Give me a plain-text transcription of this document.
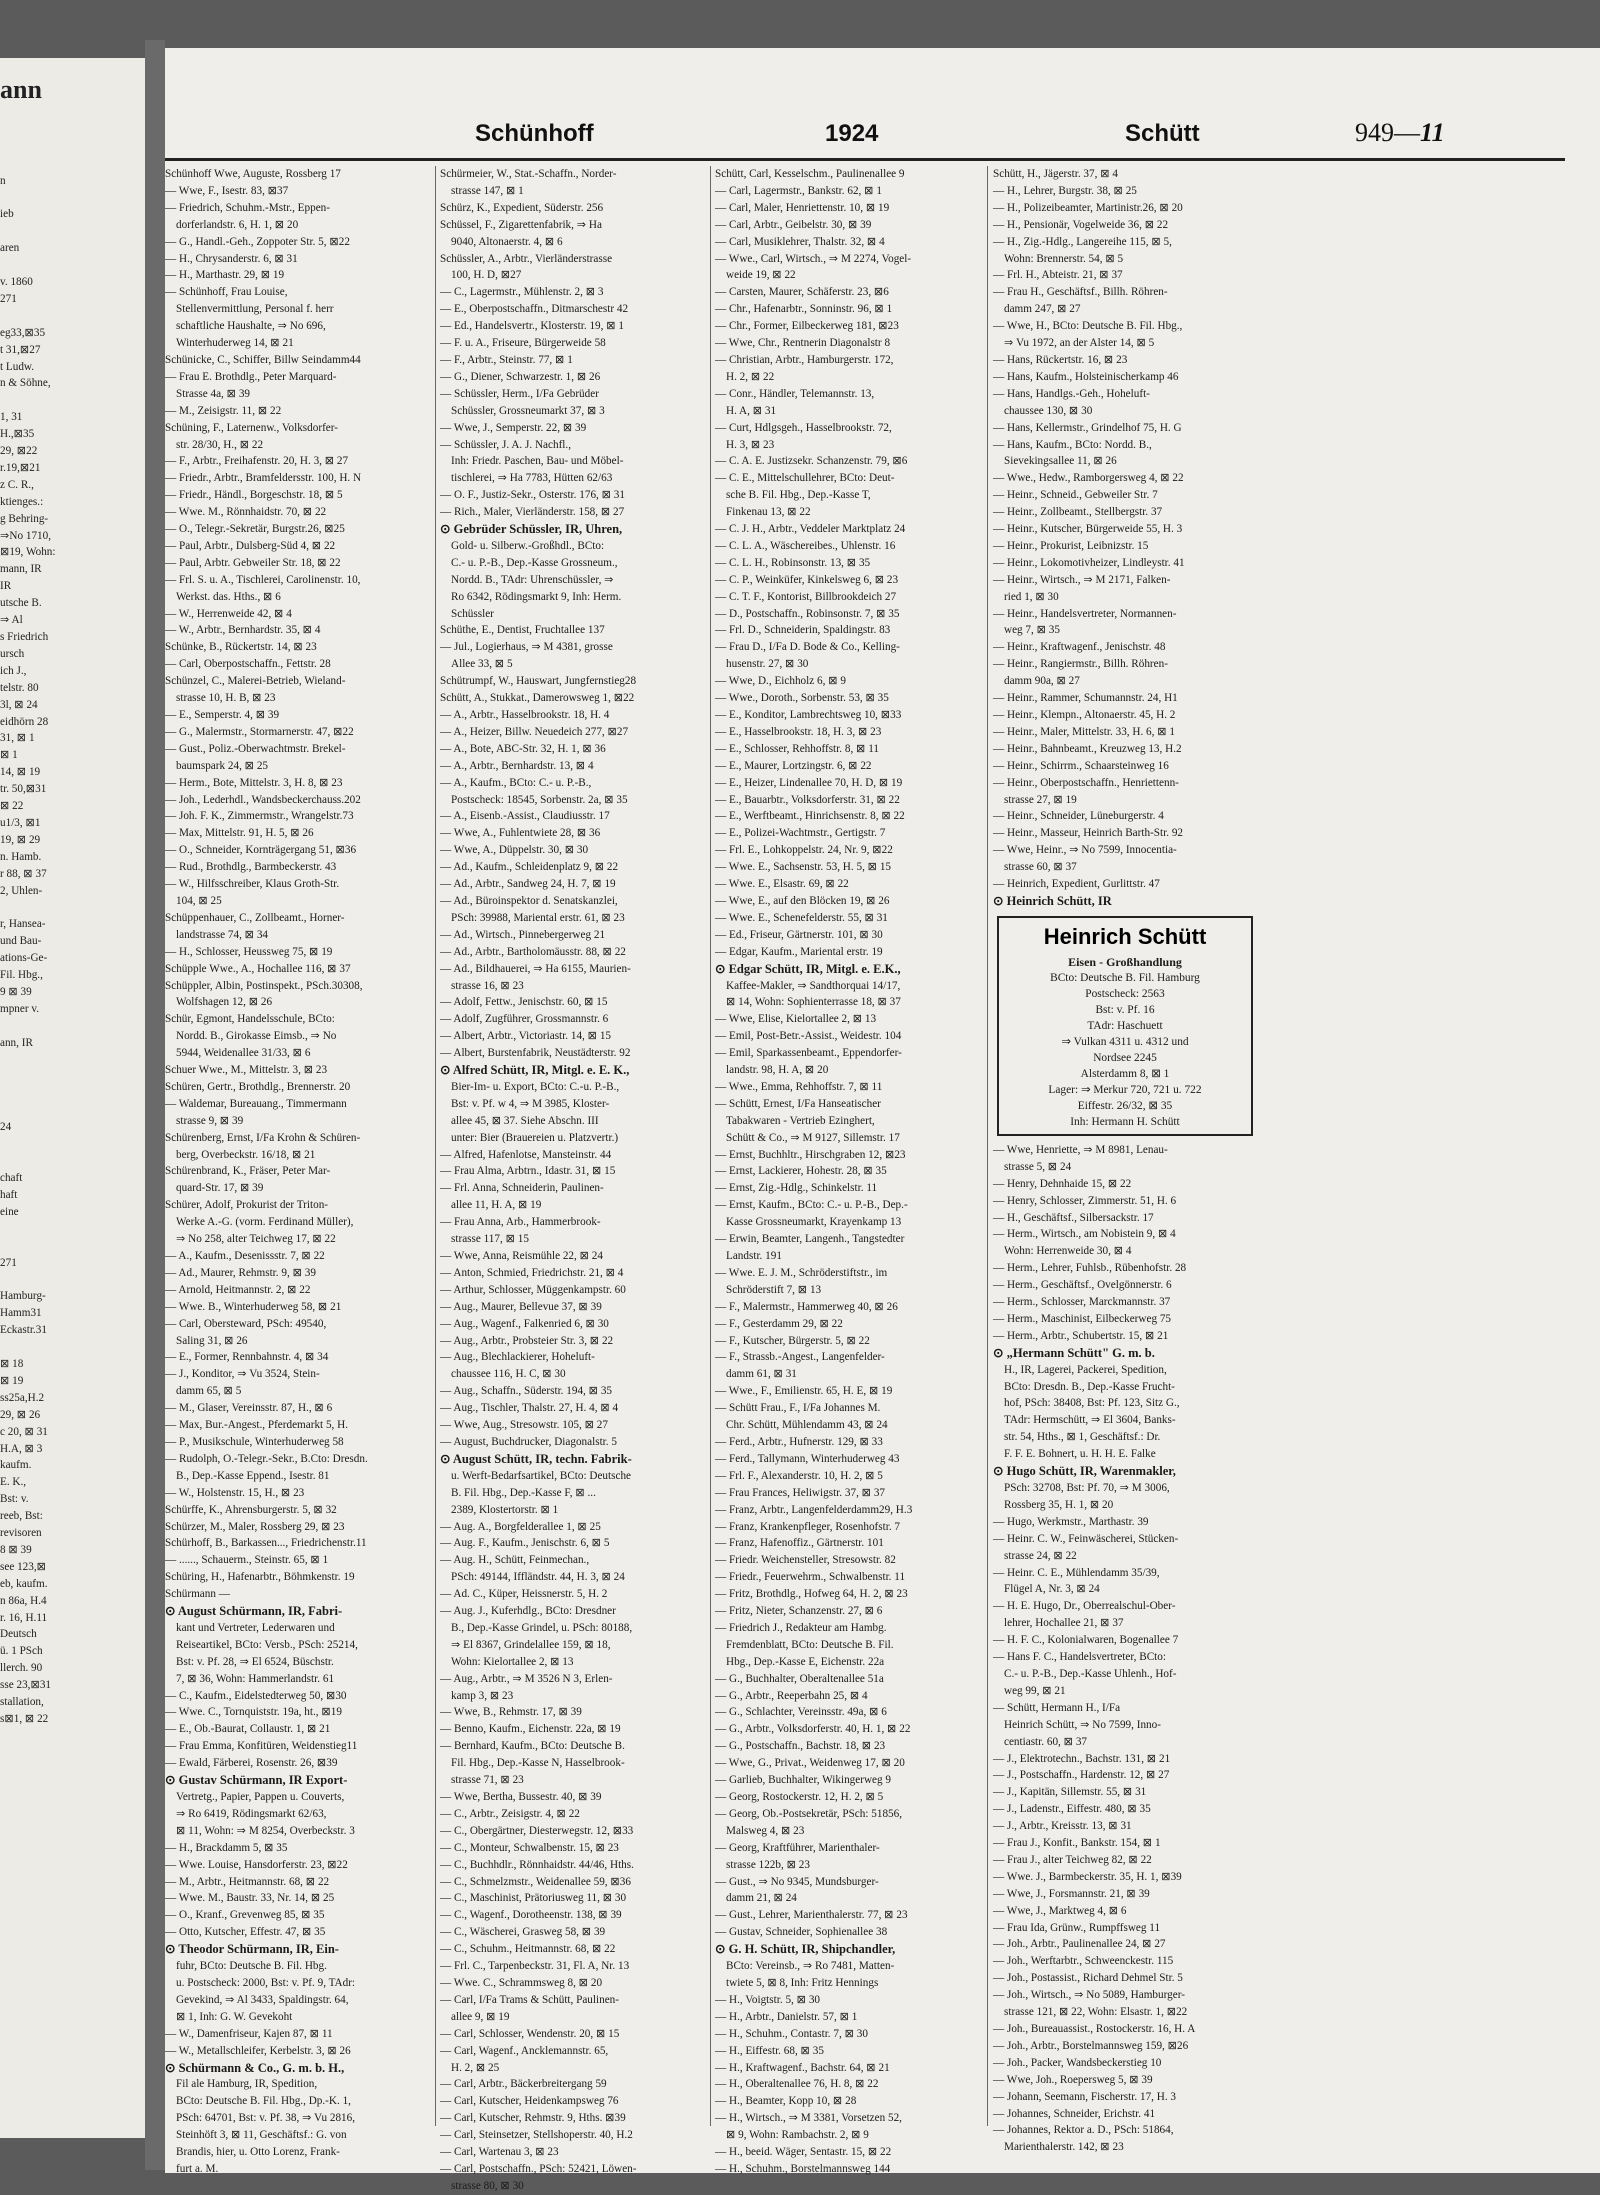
ann

n

ieb

aren

v. 1860
271

eg33,⊠35
t 31,⊠27
t Ludw.
n & Söhne,

1, 31
H.,⊠35
29, ⊠22
r.19,⊠21
z C. R.,
ktienges.:
g Behring-
⇒No 1710,
⊠19, Wohn:
mann, IR
IR
utsche B.
⇒ Al
s Friedrich
ursch
ich J.,
telstr. 80
3l, ⊠ 24
eidhörn 28
31, ⊠ 1
⊠ 1
14, ⊠ 19
tr. 50,⊠31
⊠ 22
u1/3, ⊠1
19, ⊠ 29
n. Hamb.
r 88, ⊠ 37
2, Uhlen-

r, Hansea-
und Bau-
ations-Ge-
Fil. Hbg.,
9 ⊠ 39
mpner v.

ann, IR

24

chaft
haft
eine

271

Hamburg-
Hamm31
Eckastr.31

⊠ 18
⊠ 19
ss25a,H.2
29, ⊠ 26
c 20, ⊠ 31
H.A, ⊠ 3
kaufm.
E. K.,
Bst: v.
reeb, Bst:
revisoren
8 ⊠ 39
see 123,⊠
eb, kaufm.
n 86a, H.4
r. 16, H.11
Deutsch
ü. 1 PSch
llerch. 90
sse 23,⊠31
stallation,
s⊠1, ⊠ 22
Schünhoff	1924	Schütt	949—11
Schünhoff Wwe, Auguste, Rossberg 17
— Wwe, F., Isestr. 83, ⊠37
— Friedrich, Schuhm.-Mstr., Eppen-
dorferlandstr. 6, H. 1, ⊠ 20
— G., Handl.-Geh., Zoppoter Str. 5, ⊠22
— H., Chrysanderstr. 6, ⊠ 31
— H., Marthastr. 29, ⊠ 19
— Schünhoff, Frau Louise,
Stellenvermittlung, Personal f. herr
schaftliche Haushalte, ⇒ No 696,
Winterhuderweg 14, ⊠ 21
Schünicke, C., Schiffer, Billw Seindamm44
— Frau E. Brothdlg., Peter Marquard-
Strasse 4a, ⊠ 39
— M., Zeisigstr. 11, ⊠ 22
Schüning, F., Laternenw., Volksdorfer-
str. 28/30, H., ⊠ 22
— F., Arbtr., Freihafenstr. 20, H. 3, ⊠ 27
— Friedr., Arbtr., Bramfeldersstr. 100, H. N
— Friedr., Händl., Borgeschstr. 18, ⊠ 5
— Wwe. M., Rönnhaidstr. 70, ⊠ 22
— O., Telegr.-Sekretär, Burgstr.26, ⊠25
— Paul, Arbtr., Dulsberg-Süd 4, ⊠ 22
— Paul, Arbtr. Gebweiler Str. 18, ⊠ 22
— Frl. S. u. A., Tischlerei, Carolinenstr. 10,
Werkst. das. Hths., ⊠ 6
— W., Herrenweide 42, ⊠ 4
— W., Arbtr., Bernhardstr. 35, ⊠ 4
Schünke, B., Rückertstr. 14, ⊠ 23
— Carl, Oberpostschaffn., Fettstr. 28
Schünzel, C., Malerei-Betrieb, Wieland-
strasse 10, H. B, ⊠ 23
— E., Semperstr. 4, ⊠ 39
— G., Malermstr., Stormarnerstr. 47, ⊠22
— Gust., Poliz.-Oberwachtmstr. Brekel-
baumspark 24, ⊠ 25
— Herm., Bote, Mittelstr. 3, H. 8, ⊠ 23
— Joh., Lederhdl., Wandsbeckerchauss.202
— Joh. F. K., Zimmermstr., Wrangelstr.73
— Max, Mittelstr. 91, H. 5, ⊠ 26
— O., Schneider, Kornträgergang 51, ⊠36
— Rud., Brothdlg., Barmbeckerstr. 43
— W., Hilfsschreiber, Klaus Groth-Str.
104, ⊠ 25
Schüppenhauer, C., Zollbeamt., Horner-
landstrasse 74, ⊠ 34
— H., Schlosser, Heussweg 75, ⊠ 19
Schüpple Wwe., A., Hochallee 116, ⊠ 37
Schüppler, Albin, Postinspekt., PSch.30308,
Wolfshagen 12, ⊠ 26
Schür, Egmont, Handelsschule, BCto:
Nordd. B., Girokasse Eimsb., ⇒ No
5944, Weidenallee 31/33, ⊠ 6
Schuer Wwe., M., Mittelstr. 3, ⊠ 23
Schüren, Gertr., Brothdlg., Brennerstr. 20
— Waldemar, Bureauang., Timmermann
strasse 9, ⊠ 39
Schürenberg, Ernst, I/Fa Krohn & Schüren-
berg, Overbeckstr. 16/18, ⊠ 21
Schürenbrand, K., Fräser, Peter Mar-
quard-Str. 17, ⊠ 39
Schürer, Adolf, Prokurist der Triton-
Werke A.-G. (vorm. Ferdinand Müller),
⇒ No 258, alter Teichweg 17, ⊠ 22
— A., Kaufm., Desenissstr. 7, ⊠ 22
— Ad., Maurer, Rehmstr. 9, ⊠ 39
— Arnold, Heitmannstr. 2, ⊠ 22
— Wwe. B., Winterhuderweg 58, ⊠ 21
— Carl, Obersteward, PSch: 49540,
Saling 31, ⊠ 26
— E., Former, Rennbahnstr. 4, ⊠ 34
— J., Konditor, ⇒ Vu 3524, Stein-
damm 65, ⊠ 5
— M., Glaser, Vereinsstr. 87, H., ⊠ 6
— Max, Bur.-Angest., Pferdemarkt 5, H.
— P., Musikschule, Winterhuderweg 58
— Rudolph, O.-Telegr.-Sekr., B.Cto: Dresdn.
B., Dep.-Kasse Eppend., Isestr. 81
— W., Holstenstr. 15, H., ⊠ 23
Schürffe, K., Ahrensburgerstr. 5, ⊠ 32
Schürzer, M., Maler, Rossberg 29, ⊠ 23
Schürhoff, B., Barkassen..., Friedrichenstr.11
— ......, Schauerm., Steinstr. 65, ⊠ 1
Schüring, H., Hafenarbtr., Böhmkenstr. 19
Schürmann —
⊙ August Schürmann, IR, Fabri-
kant und Vertreter, Lederwaren und
Reiseartikel, BCto: Versb., PSch: 25214,
Bst: v. Pf. 28, ⇒ El 6524, Büschstr.
7, ⊠ 36, Wohn: Hammerlandstr. 61
— C., Kaufm., Eidelstedterweg 50, ⊠30
— Wwe. C., Tornquiststr. 19a, ht., ⊠19
— E., Ob.-Baurat, Collaustr. 1, ⊠ 21
— Frau Emma, Konfitüren, Weidenstieg11
— Ewald, Färberei, Rosenstr. 26, ⊠39
⊙ Gustav Schürmann, IR Export-
Vertretg., Papier, Pappen u. Couverts,
⇒ Ro 6419, Rödingsmarkt 62/63,
⊠ 11, Wohn: ⇒ M 8254, Overbeckstr. 3
— H., Brackdamm 5, ⊠ 35
— Wwe. Louise, Hansdorferstr. 23, ⊠22
— M., Arbtr., Heitmannstr. 68, ⊠ 22
— Wwe. M., Baustr. 33, Nr. 14, ⊠ 25
— O., Kranf., Grevenweg 85, ⊠ 35
— Otto, Kutscher, Effestr. 47, ⊠ 35
⊙ Theodor Schürmann, IR, Ein-
fuhr, BCto: Deutsche B. Fil. Hbg.
u. Postscheck: 2000, Bst: v. Pf. 9, TAdr:
Gevekind, ⇒ Al 3433, Spaldingstr. 64,
⊠ 1, Inh: G. W. Gevekoht
— W., Damenfriseur, Kajen 87, ⊠ 11
— W., Metallschleifer, Kerbelstr. 3, ⊠ 26
⊙ Schürmann & Co., G. m. b. H.,
Fil ale Hamburg, IR, Spedition,
BCto: Deutsche B. Fil. Hbg., Dp.-K. 1,
PSch: 64701, Bst: v. Pf. 38, ⇒ Vu 2816,
Steinhöft 3, ⊠ 11, Geschäftsf.: G. von
Brandis, hier, u. Otto Lorenz, Frank-
furt a. M.
Schürmeier, W., Stat.-Schaffn., Norder-
strasse 147, ⊠ 1
Schürz, K., Expedient, Süderstr. 256
Schüssel, F., Zigarettenfabrik, ⇒ Ha
9040, Altonaerstr. 4, ⊠ 6
Schüssler, A., Arbtr., Vierländerstrasse
100, H. D, ⊠27
— C., Lagermstr., Mühlenstr. 2, ⊠ 3
— E., Oberpostschaffn., Ditmarschestr 42
— Ed., Handelsvertr., Klosterstr. 19, ⊠ 1
— F. u. A., Friseure, Bürgerweide 58
— F., Arbtr., Steinstr. 77, ⊠ 1
— G., Diener, Schwarzestr. 1, ⊠ 26
— Schüssler, Herm., I/Fa Gebrüder
Schüssler, Grossneumarkt 37, ⊠ 3
— Wwe, J., Semperstr. 22, ⊠ 39
— Schüssler, J. A. J. Nachfl.,
Inh: Friedr. Paschen, Bau- und Möbel-
tischlerei, ⇒ Ha 7783, Hütten 62/63
— O. F., Justiz-Sekr., Osterstr. 176, ⊠ 31
— Rich., Maler, Vierländerstr. 158, ⊠ 27
⊙ Gebrüder Schüssler, IR, Uhren,
Gold- u. Silberw.-Großhdl., BCto:
C.- u. P.-B., Dep.-Kasse Grossneum.,
Nordd. B., TAdr: Uhrenschüssler, ⇒
Ro 6342, Rödingsmarkt 9, Inh: Herm.
Schüssler
Schüthe, E., Dentist, Fruchtallee 137
— Jul., Logierhaus, ⇒ M 4381, grosse
Allee 33, ⊠ 5
Schütrumpf, W., Hauswart, Jungfernstieg28
Schütt, A., Stukkat., Damerowsweg 1, ⊠22
— A., Arbtr., Hasselbrookstr. 18, H. 4
— A., Heizer, Billw. Neuedeich 277, ⊠27
— A., Bote, ABC-Str. 32, H. 1, ⊠ 36
— A., Arbtr., Bernhardstr. 13, ⊠ 4
— A., Kaufm., BCto: C.- u. P.-B.,
Postscheck: 18545, Sorbenstr. 2a, ⊠ 35
— A., Eisenb.-Assist., Claudiusstr. 17
— Wwe, A., Fuhlentwiete 28, ⊠ 36
— Wwe, A., Düppelstr. 30, ⊠ 30
— Ad., Kaufm., Schleidenplatz 9, ⊠ 22
— Ad., Arbtr., Sandweg 24, H. 7, ⊠ 19
— Ad., Büroinspektor d. Senatskanzlei,
PSch: 39988, Mariental erstr. 61, ⊠ 23
— Ad., Wirtsch., Pinnebergerweg 21
— Ad., Arbtr., Bartholomäusstr. 88, ⊠ 22
— Ad., Bildhauerei, ⇒ Ha 6155, Maurien-
strasse 16, ⊠ 23
— Adolf, Fettw., Jenischstr. 60, ⊠ 15
— Adolf, Zugführer, Grossmannstr. 6
— Albert, Arbtr., Victoriastr. 14, ⊠ 15
— Albert, Burstenfabrik, Neustädterstr. 92
⊙ Alfred Schütt, IR, Mitgl. e. E. K.,
Bier-Im- u. Export, BCto: C.-u. P.-B.,
Bst: v. Pf. w 4, ⇒ M 3985, Kloster-
allee 45, ⊠ 37. Siehe Abschn. III
unter: Bier (Brauereien u. Platzvertr.)
— Alfred, Hafenlotse, Mansteinstr. 44
— Frau Alma, Arbtrn., Idastr. 31, ⊠ 15
— Frl. Anna, Schneiderin, Paulinen-
allee 11, H. A, ⊠ 19
— Frau Anna, Arb., Hammerbrook-
strasse 117, ⊠ 15
— Wwe, Anna, Reismühle 22, ⊠ 24
— Anton, Schmied, Friedrichstr. 21, ⊠ 4
— Arthur, Schlosser, Müggenkampstr. 60
— Aug., Maurer, Bellevue 37, ⊠ 39
— Aug., Wagenf., Falkenried 6, ⊠ 30
— Aug., Arbtr., Probsteier Str. 3, ⊠ 22
— Aug., Blechlackierer, Hoheluft-
chaussee 116, H. C, ⊠ 30
— Aug., Schaffn., Süderstr. 194, ⊠ 35
— Aug., Tischler, Thalstr. 27, H. 4, ⊠ 4
— Wwe, Aug., Stresowstr. 105, ⊠ 27
— August, Buchdrucker, Diagonalstr. 5
⊙ August Schütt, IR, techn. Fabrik-
u. Werft-Bedarfsartikel, BCto: Deutsche
B. Fil. Hbg., Dep.-Kasse F, ⊠ ...
2389, Klostertorstr. ⊠ 1
— Aug. A., Borgfelderallee 1, ⊠ 25
— Aug. F., Kaufm., Jenischstr. 6, ⊠ 5
— Aug. H., Schütt, Feinmechan.,
PSch: 49144, Iffländstr. 44, H. 3, ⊠ 24
— Ad. C., Küper, Heissnerstr. 5, H. 2
— Aug. J., Kuferhdlg., BCto: Dresdner
B., Dep.-Kasse Grindel, u. PSch: 80188,
⇒ El 8367, Grindelallee 159, ⊠ 18,
Wohn: Kielortallee 2, ⊠ 13
— Aug., Arbtr., ⇒ M 3526 N 3, Erlen-
kamp 3, ⊠ 23
— Wwe, B., Rehmstr. 17, ⊠ 39
— Benno, Kaufm., Eichenstr. 22a, ⊠ 19
— Bernhard, Kaufm., BCto: Deutsche B.
Fil. Hbg., Dep.-Kasse N, Hasselbrook-
strasse 71, ⊠ 23
— Wwe, Bertha, Bussestr. 40, ⊠ 39
— C., Arbtr., Zeisigstr. 4, ⊠ 22
— C., Obergärtner, Diesterwegstr. 12, ⊠33
— C., Monteur, Schwalbenstr. 15, ⊠ 23
— C., Buchhdlr., Rönnhaidstr. 44/46, Hths.
— C., Schmelzmstr., Weidenallee 59, ⊠36
— C., Maschinist, Prätoriusweg 11, ⊠ 30
— C., Wagenf., Dorotheenstr. 138, ⊠ 39
— C., Wäscherei, Grasweg 58, ⊠ 39
— C., Schuhm., Heitmannstr. 68, ⊠ 22
— Frl. C., Tarpenbeckstr. 31, Fl. A, Nr. 13
— Wwe. C., Schrammsweg 8, ⊠ 20
— Carl, I/Fa Trams & Schütt, Paulinen-
allee 9, ⊠ 19
— Carl, Schlosser, Wendenstr. 20, ⊠ 15
— Carl, Wagenf., Ancklemannstr. 65,
H. 2, ⊠ 25
— Carl, Arbtr., Bäckerbreitergang 59
— Carl, Kutscher, Heidenkampsweg 76
— Carl, Kutscher, Rehmstr. 9, Hths. ⊠39
— Carl, Steinsetzer, Stellshoperstr. 40, H.2
— Carl, Wartenau 3, ⊠ 23
— Carl, Postschaffn., PSch: 52421, Löwen-
strasse 80, ⊠ 30
Schütt, Carl, Kesselschm., Paulinenallee 9
— Carl, Lagermstr., Bankstr. 62, ⊠ 1
— Carl, Maler, Henriettenstr. 10, ⊠ 19
— Carl, Arbtr., Geibelstr. 30, ⊠ 39
— Carl, Musiklehrer, Thalstr. 32, ⊠ 4
— Wwe., Carl, Wirtsch., ⇒ M 2274, Vogel-
weide 19, ⊠ 22
— Carsten, Maurer, Schäferstr. 23, ⊠6
— Chr., Hafenarbtr., Sonninstr. 96, ⊠ 1
— Chr., Former, Eilbeckerweg 181, ⊠23
— Wwe, Chr., Rentnerin Diagonalstr 8
— Christian, Arbtr., Hamburgerstr. 172,
H. 2, ⊠ 22
— Conr., Händler, Telemannstr. 13,
H. A, ⊠ 31
— Curt, Hdlgsgeh., Hasselbrookstr. 72,
H. 3, ⊠ 23
— C. A. E. Justizsekr. Schanzenstr. 79, ⊠6
— C. E., Mittelschullehrer, BCto: Deut-
sche B. Fil. Hbg., Dep.-Kasse T,
Finkenau 13, ⊠ 22
— C. J. H., Arbtr., Veddeler Marktplatz 24
— C. L. A., Wäschereibes., Uhlenstr. 16
— C. L. H., Robinsonstr. 13, ⊠ 35
— C. P., Weinküfer, Kinkelsweg 6, ⊠ 23
— C. T. F., Kontorist, Billbrookdeich 27
— D., Postschaffn., Robinsonstr. 7, ⊠ 35
— Frl. D., Schneiderin, Spaldingstr. 83
— Frau D., I/Fa D. Bode & Co., Kelling-
husenstr. 27, ⊠ 30
— Wwe, D., Eichholz 6, ⊠ 9
— Wwe., Doroth., Sorbenstr. 53, ⊠ 35
— E., Konditor, Lambrechtsweg 10, ⊠33
— E., Hasselbrookstr. 18, H. 3, ⊠ 23
— E., Schlosser, Rehhoffstr. 8, ⊠ 11
— E., Maurer, Lortzingstr. 6, ⊠ 22
— E., Heizer, Lindenallee 70, H. D, ⊠ 19
— E., Bauarbtr., Volksdorferstr. 31, ⊠ 22
— E., Werftbeamt., Hinrichsenstr. 8, ⊠ 22
— E., Polizei-Wachtmstr., Gertigstr. 7
— Frl. E., Lohkoppelstr. 24, Nr. 9, ⊠22
— Wwe. E., Sachsenstr. 53, H. 5, ⊠ 15
— Wwe. E., Elsastr. 69, ⊠ 22
— Wwe, E., auf den Blöcken 19, ⊠ 26
— Wwe. E., Schenefelderstr. 55, ⊠ 31
— Ed., Friseur, Gärtnerstr. 101, ⊠ 30
— Edgar, Kaufm., Mariental erstr. 19
⊙ Edgar Schütt, IR, Mitgl. e. E.K.,
Kaffee-Makler, ⇒ Sandthorquai 14/17,
⊠ 14, Wohn: Sophienterrasse 18, ⊠ 37
— Wwe, Elise, Kielortallee 2, ⊠ 13
— Emil, Post-Betr.-Assist., Weidestr. 104
— Emil, Sparkassenbeamt., Eppendorfer-
landstr. 98, H. A, ⊠ 20
— Wwe., Emma, Rehhoffstr. 7, ⊠ 11
— Schütt, Ernest, I/Fa Hanseatischer
Tabakwaren - Vertrieb Ezinghert,
Schütt & Co., ⇒ M 9127, Sillemstr. 17
— Ernst, Buchhltr., Hirschgraben 12, ⊠23
— Ernst, Lackierer, Hohestr. 28, ⊠ 35
— Ernst, Zig.-Hdlg., Schinkelstr. 11
— Ernst, Kaufm., BCto: C.- u. P.-B., Dep.-
Kasse Grossneumarkt, Krayenkamp 13
— Erwin, Beamter, Langenh., Tangstedter
Landstr. 191
— Wwe. E. J. M., Schröderstiftstr., im
Schröderstift 7, ⊠ 13
— F., Malermstr., Hammerweg 40, ⊠ 26
— F., Gesterdamm 29, ⊠ 22
— F., Kutscher, Bürgerstr. 5, ⊠ 22
— F., Strassb.-Angest., Langenfelder-
damm 61, ⊠ 31
— Wwe., F., Emilienstr. 65, H. E, ⊠ 19
— Schütt Frau., F., I/Fa Johannes M.
Chr. Schütt, Mühlendamm 43, ⊠ 24
— Ferd., Arbtr., Hufnerstr. 129, ⊠ 33
— Ferd., Tallymann, Winterhuderweg 43
— Frl. F., Alexanderstr. 10, H. 2, ⊠ 5
— Frau Frances, Heliwigstr. 37, ⊠ 37
— Franz, Arbtr., Langenfelderdamm29, H.3
— Franz, Krankenpfleger, Rosenhofstr. 7
— Franz, Hafenoffiz., Gärtnerstr. 101
— Friedr. Weichensteller, Stresowstr. 82
— Friedr., Feuerwehrm., Schwalbenstr. 11
— Fritz, Brothdlg., Hofweg 64, H. 2, ⊠ 23
— Fritz, Nieter, Schanzenstr. 27, ⊠ 6
— Friedrich J., Redakteur am Hambg.
Fremdenblatt, BCto: Deutsche B. Fil.
Hbg., Dep.-Kasse E, Eichenstr. 22a
— G., Buchhalter, Oberaltenallee 51a
— G., Arbtr., Reeperbahn 25, ⊠ 4
— G., Schlachter, Vereinsstr. 49a, ⊠ 6
— G., Arbtr., Volksdorferstr. 40, H. 1, ⊠ 22
— G., Postschaffn., Bachstr. 18, ⊠ 23
— Wwe, G., Privat., Weidenweg 17, ⊠ 20
— Garlieb, Buchhalter, Wikingerweg 9
— Georg, Rostockerstr. 12, H. 2, ⊠ 5
— Georg, Ob.-Postsekretär, PSch: 51856,
Malsweg 4, ⊠ 23
— Georg, Kraftführer, Marienthaler-
strasse 122b, ⊠ 23
— Gust., ⇒ No 9345, Mundsburger-
damm 21, ⊠ 24
— Gust., Lehrer, Marienthalerstr. 77, ⊠ 23
— Gustav, Schneider, Sophienallee 38
⊙ G. H. Schütt, IR, Shipchandler,
BCto: Vereinsb., ⇒ Ro 7481, Matten-
twiete 5, ⊠ 8, Inh: Fritz Hennings
— H., Voigtstr. 5, ⊠ 30
— H., Arbtr., Danielstr. 57, ⊠ 1
— H., Schuhm., Contastr. 7, ⊠ 30
— H., Eiffestr. 68, ⊠ 35
— H., Kraftwagenf., Bachstr. 64, ⊠ 21
— H., Oberaltenallee 76, H. 8, ⊠ 22
— H., Beamter, Kopp 10, ⊠ 28
— H., Wirtsch., ⇒ M 3381, Vorsetzen 52,
⊠ 9, Wohn: Rambachstr. 2, ⊠ 9
— H., beeid. Wäger, Sentastr. 15, ⊠ 22
— H., Schuhm., Borstelmannsweg 144
Schütt, H., Jägerstr. 37, ⊠ 4
— H., Lehrer, Burgstr. 38, ⊠ 25
— H., Polizeibeamter, Martinistr.26, ⊠ 20
— H., Pensionär, Vogelweide 36, ⊠ 22
— H., Zig.-Hdlg., Langereihe 115, ⊠ 5,
Wohn: Brennerstr. 54, ⊠ 5
— Frl. H., Abteistr. 21, ⊠ 37
— Frau H., Geschäftsf., Billh. Röhren-
damm 247, ⊠ 27
— Wwe, H., BCto: Deutsche B. Fil. Hbg.,
⇒ Vu 1972, an der Alster 14, ⊠ 5
— Hans, Rückertstr. 16, ⊠ 23
— Hans, Kaufm., Holsteinischerkamp 46
— Hans, Handlgs.-Geh., Hoheluft-
chaussee 130, ⊠ 30
— Hans, Kellermstr., Grindelhof 75, H. G
— Hans, Kaufm., BCto: Nordd. B.,
Sievekingsallee 11, ⊠ 26
— Wwe., Hedw., Ramborgersweg 4, ⊠ 22
— Heinr., Schneid., Gebweiler Str. 7
— Heinr., Zollbeamt., Stellbergstr. 37
— Heinr., Kutscher, Bürgerweide 55, H. 3
— Heinr., Prokurist, Leibnizstr. 15
— Heinr., Lokomotivheizer, Lindleystr. 41
— Heinr., Wirtsch., ⇒ M 2171, Falken-
ried 1, ⊠ 30
— Heinr., Handelsvertreter, Normannen-
weg 7, ⊠ 35
— Heinr., Kraftwagenf., Jenischstr. 48
— Heinr., Rangiermstr., Billh. Röhren-
damm 90a, ⊠ 27
— Heinr., Rammer, Schumannstr. 24, H1
— Heinr., Klempn., Altonaerstr. 45, H. 2
— Heinr., Maler, Mittelstr. 33, H. 6, ⊠ 1
— Heinr., Bahnbeamt., Kreuzweg 13, H.2
— Heinr., Schirrm., Schaarsteinweg 16
— Heinr., Oberpostschaffn., Henriettenn-
strasse 27, ⊠ 19
— Heinr., Schneider, Lüneburgerstr. 4
— Heinr., Masseur, Heinrich Barth-Str. 92
— Wwe, Heinr., ⇒ No 7599, Innocentia-
strasse 60, ⊠ 37
— Heinrich, Expedient, Gurlittstr. 47
⊙ Heinrich Schütt, IR
Heinrich Schütt
Eisen - Großhandlung
BCto: Deutsche B. Fil. Hamburg
Postscheck: 2563
Bst: v. Pf. 16
TAdr: Haschuett
⇒ Vulkan 4311 u. 4312 und
Nordsee 2245
Alsterdamm 8, ⊠ 1
Lager: ⇒ Merkur 720, 721 u. 722
Eiffestr. 26/32, ⊠ 35
Inh: Hermann H. Schütt
— Wwe, Henriette, ⇒ M 8981, Lenau-
strasse 5, ⊠ 24
— Henry, Dehnhaide 15, ⊠ 22
— Henry, Schlosser, Zimmerstr. 51, H. 6
— H., Geschäftsf., Silbersackstr. 17
— Herm., Wirtsch., am Nobistein 9, ⊠ 4
Wohn: Herrenweide 30, ⊠ 4
— Herm., Lehrer, Fuhlsb., Rübenhofstr. 28
— Herm., Geschäftsf., Ovelgönnerstr. 6
— Herm., Schlosser, Marckmannstr. 37
— Herm., Maschinist, Eilbeckerweg 75
— Herm., Arbtr., Schubertstr. 15, ⊠ 21
⊙ „Hermann Schütt" G. m. b.
H., IR, Lagerei, Packerei, Spedition,
BCto: Dresdn. B., Dep.-Kasse Frucht-
hof, PSch: 38408, Bst: Pf. 123, Sitz G.,
TAdr: Hermschütt, ⇒ El 3604, Banks-
str. 54, Hths., ⊠ 1, Geschäftsf.: Dr.
F. F. E. Bohnert, u. H. H. E. Falke
⊙ Hugo Schütt, IR, Warenmakler,
PSch: 32708, Bst: Pf. 70, ⇒ M 3006,
Rossberg 35, H. 1, ⊠ 20
— Hugo, Werkmstr., Marthastr. 39
— Heinr. C. W., Feinwäscherei, Stücken-
strasse 24, ⊠ 22
— Heinr. C. E., Mühlendamm 35/39,
Flügel A, Nr. 3, ⊠ 24
— H. E. Hugo, Dr., Oberrealschul-Ober-
lehrer, Hochallee 21, ⊠ 37
— H. F. C., Kolonialwaren, Bogenallee 7
— Hans F. C., Handelsvertreter, BCto:
C.- u. P.-B., Dep.-Kasse Uhlenh., Hof-
weg 99, ⊠ 21
— Schütt, Hermann H., I/Fa
Heinrich Schütt, ⇒ No 7599, Inno-
centiastr. 60, ⊠ 37
— J., Elektrotechn., Bachstr. 131, ⊠ 21
— J., Postschaffn., Hardenstr. 12, ⊠ 27
— J., Kapitän, Sillemstr. 55, ⊠ 31
— J., Ladenstr., Eiffestr. 480, ⊠ 35
— J., Arbtr., Kreisstr. 13, ⊠ 31
— Frau J., Konfit., Bankstr. 154, ⊠ 1
— Frau J., alter Teichweg 82, ⊠ 22
— Wwe. J., Barmbeckerstr. 35, H. 1, ⊠39
— Wwe, J., Forsmannstr. 21, ⊠ 39
— Wwe, J., Marktweg 4, ⊠ 6
— Frau Ida, Grünw., Rumpffsweg 11
— Joh., Arbtr., Paulinenallee 24, ⊠ 27
— Joh., Werftarbtr., Schweenckestr. 115
— Joh., Postassist., Richard Dehmel Str. 5
— Joh., Wirtsch., ⇒ No 5089, Hamburger-
strasse 121, ⊠ 22, Wohn: Elsastr. 1, ⊠22
— Joh., Bureauassist., Rostockerstr. 16, H. A
— Joh., Arbtr., Borstelmannsweg 159, ⊠26
— Joh., Packer, Wandsbeckerstieg 10
— Wwe, Joh., Roepersweg 5, ⊠ 39
— Johann, Seemann, Fischerstr. 17, H. 3
— Johannes, Schneider, Erichstr. 41
— Johannes, Rektor a. D., PSch: 51864,
Marienthalerstr. 142, ⊠ 23
